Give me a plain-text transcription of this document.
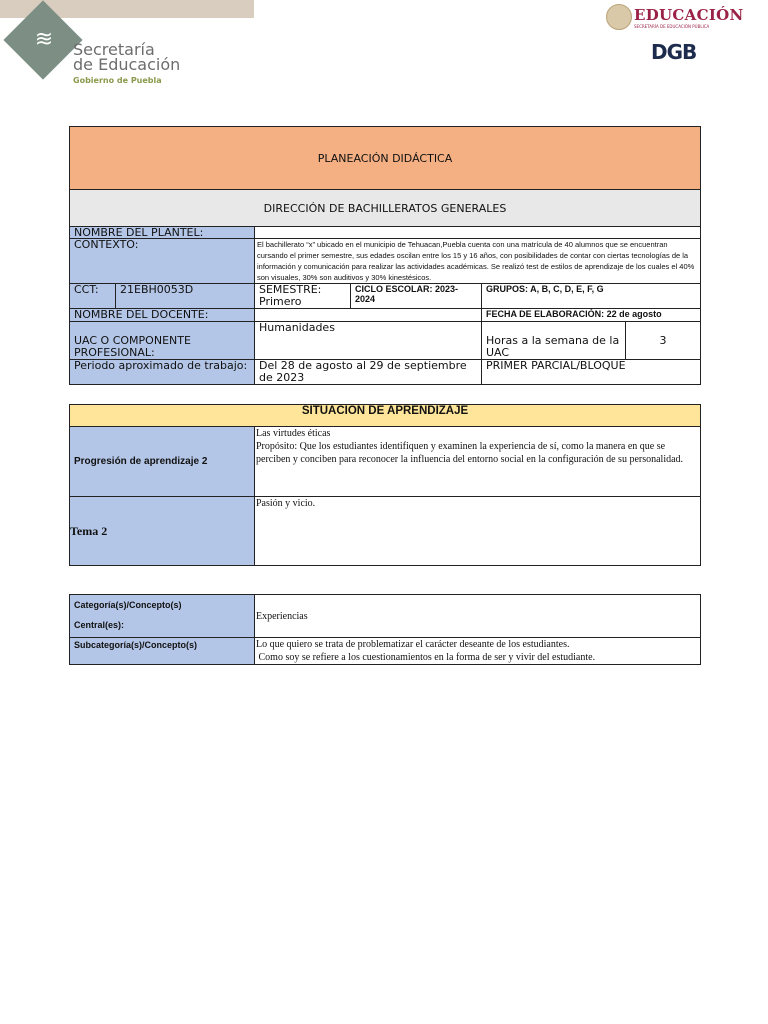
≋	Secretaría
de Educación
Gobierno de Puebla
EDUCACIÓN
SECRETARÍA DE EDUCACIÓN PÚBLICA
DGB
PLANEACIÓN DIDÁCTICA					
DIRECCIÓN DE BACHILLERATOS GENERALES					
NOMBRE DEL PLANTEL:					
CONTEXTO:		El bachillerato “x” ubicado en el municipio de Tehuacan,Puebla cuenta con una matrícula de 40 alumnos que se encuentran cursando el primer semestre, sus edades oscilan entre los 15 y 16 años, con posibilidades de contar con ciertas tecnologías de la información y comunicación para realizar las actividades académicas. Se realizó test de estilos de aprendizaje de los cuales el 40% son visuales, 30% son auditivos y 30% kinestésicos.			
CCT:	21EBH0053D	SEMESTRE: Primero	CICLO ESCOLAR: 2023-2024	GRUPOS: A, B, C, D, E, F, G	
NOMBRE DEL DOCENTE:				FECHA DE ELABORACIÓN: 22 de agosto	
UAC O COMPONENTE PROFESIONAL:		Humanidades		Horas a la semana de la UAC	3
Periodo aproximado de trabajo:		Del 28 de agosto al 29 de septiembre de 2023		PRIMER PARCIAL/BLOQUE	
SITUACIÓN DE APRENDIZAJE	
Progresión de aprendizaje 2	Las virtudes éticas
Propósito: Que los estudiantes identifiquen y examinen la experiencia de sí, como la manera en que se perciben y conciben para reconocer la influencia del entorno social en la configuración de su personalidad.

Tema 2	Pasión y vicio.
Categoría(s)/Concepto(s)
Central(es):	Experiencias
Subcategoría(s)/Concepto(s)	Lo que quiero se trata de problematizar el carácter deseante de los estudiantes.
Como soy se refiere a los cuestionamientos en la forma de ser y vivir del estudiante.
